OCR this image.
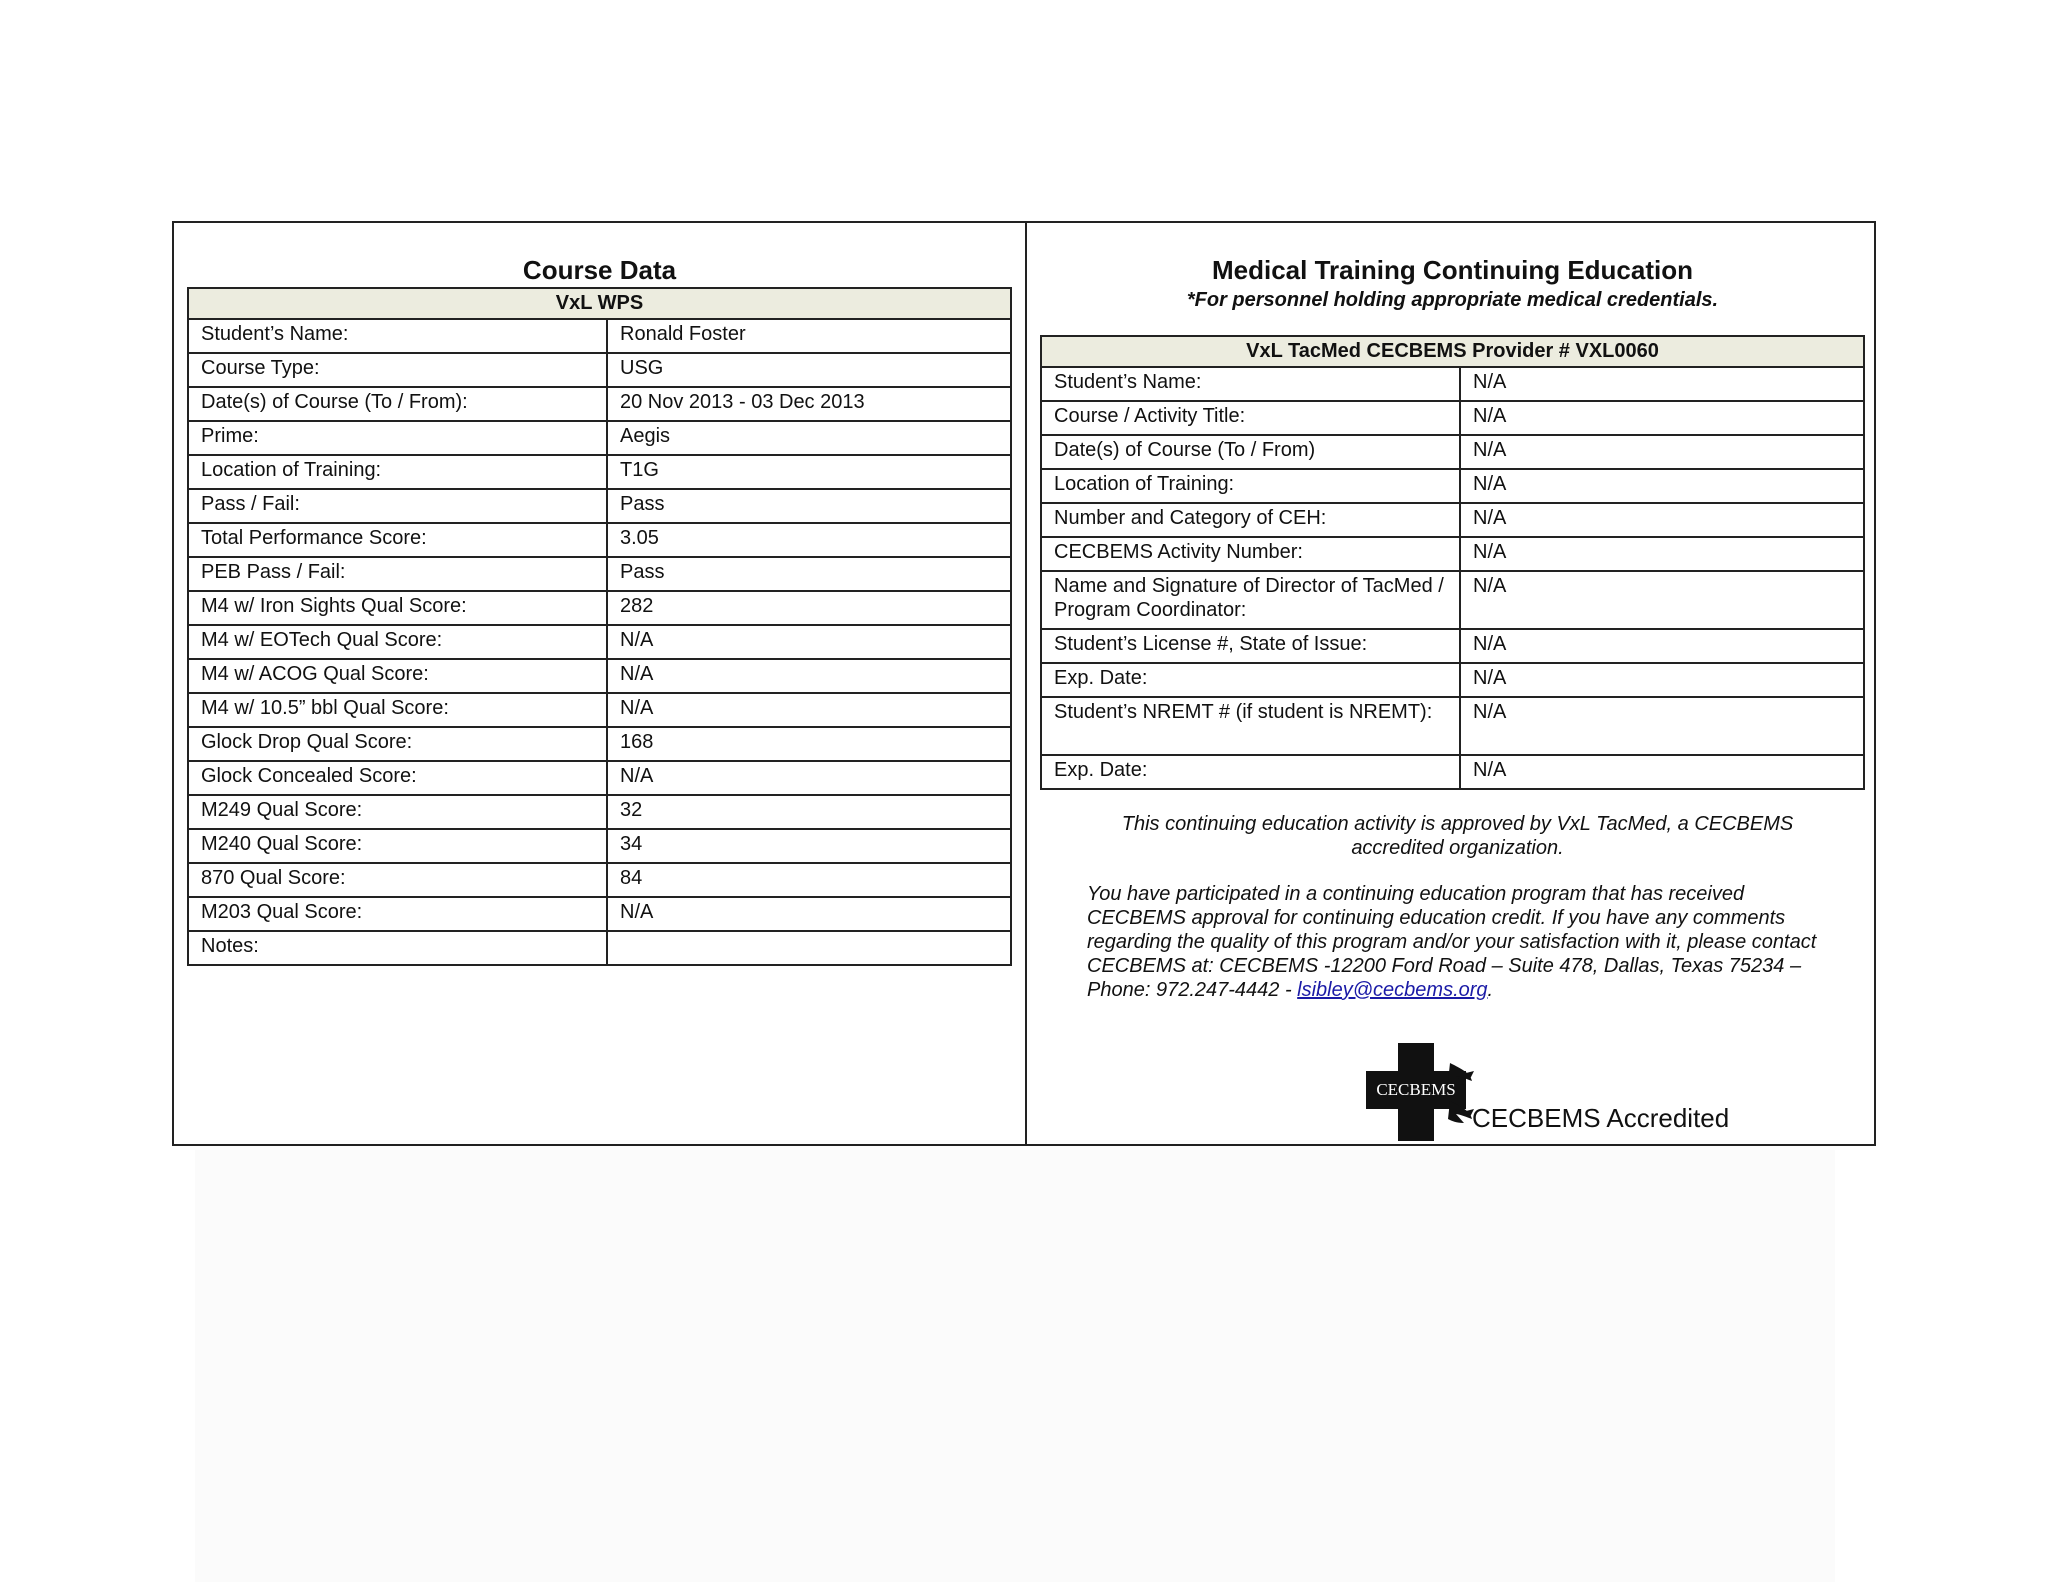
Course Data
VxL WPS	
Student’s Name:	Ronald Foster
Course Type:	USG
Date(s) of Course (To / From):	20 Nov 2013 - 03 Dec 2013
Prime:	Aegis
Location of Training:	T1G
Pass / Fail:	Pass
Total Performance Score:	3.05
PEB Pass / Fail:	Pass
M4 w/ Iron Sights Qual Score:	282
M4 w/ EOTech Qual Score:	N/A
M4 w/ ACOG Qual Score:	N/A
M4 w/ 10.5” bbl Qual Score:	N/A
Glock Drop Qual Score:	168
Glock Concealed Score:	N/A
M249 Qual Score:	32
M240 Qual Score:	34
870 Qual Score:	84
M203 Qual Score:	N/A
Notes:	
Medical Training Continuing Education
*For personnel holding appropriate medical credentials.
VxL TacMed CECBEMS Provider # VXL0060	
Student’s Name:	N/A
Course / Activity Title:	N/A
Date(s) of Course (To / From)	N/A
Location of Training:	N/A
Number and Category of CEH:	N/A
CECBEMS Activity Number:	N/A
Name and Signature of Director of TacMed / Program Coordinator:	N/A
Student’s License #, State of Issue:	N/A
Exp. Date:	N/A
Student’s NREMT # (if student is NREMT):	N/A
Exp. Date:	N/A
This continuing education activity is approved by VxL TacMed, a CECBEMS accredited organization.
You have participated in a continuing education program that has received CECBEMS approval for continuing education credit. If you have any comments regarding the quality of this program and/or your satisfaction with it, please contact CECBEMS at: CECBEMS -12200 Ford Road – Suite 478, Dallas, Texas 75234 – Phone: 972.247-4442 - lsibley@cecbems.org.
CECBEMS
CECBEMS Accredited
